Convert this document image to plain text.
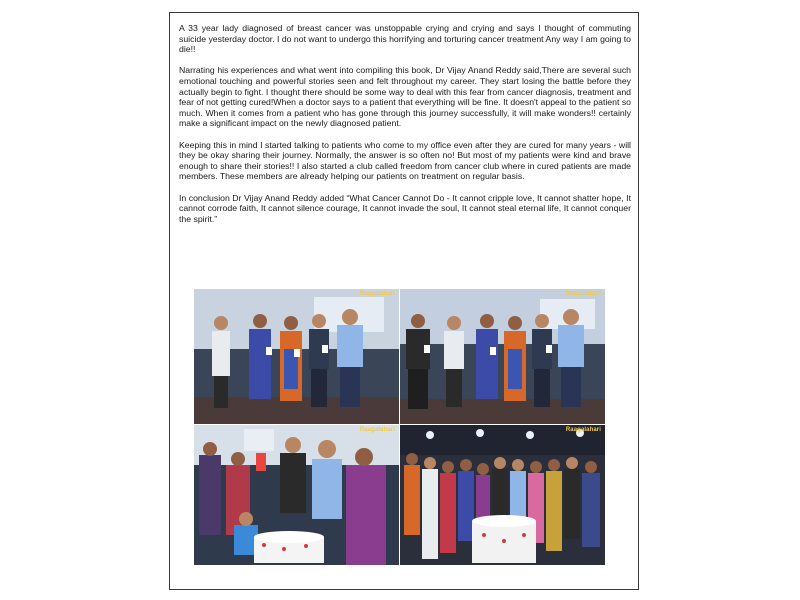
A 33 year lady diagnosed of breast cancer was unstoppable crying and crying and says I thought of commuting suicide yesterday doctor. I do not want to undergo this horrifying and torturing cancer treatment Any way I am going to die!!

Narrating his experiences and what went into compiling this book, Dr Vijay Anand Reddy said,There are several such emotional touching and powerful stories seen and felt throughout my career. They start losing the battle before they actually begin to fight. I thought there should be some way to deal with this fear from cancer diagnosis, treatment and fear of not getting cured!When a doctor says to a patient that everything will be fine. It doesn't appeal to the patient so much. When it comes from a patient who has gone through this journey successfully, it will make wonders!! certainly make a significant impact on the newly diagnosed patient.

Keeping this in mind I started talking to patients who come to my office even after they are cured for many years - will they be okay sharing their journey. Normally, the answer is so often no! But most of my patients were kind and brave enough to share their stories!! I also started a club called freedom from cancer club where in cured patients are made members. These members are already helping our patients on treatment on regular basis.

In conclusion Dr Vijay Anand Reddy added “What Cancer Cannot Do - It cannot cripple love, It cannot shatter hope, It cannot corrode faith, It cannot silence courage, It cannot invade the soul, It cannot steal eternal life, It cannot conquer the spirit.”

Raagalahari	Raagalahari
Raagalahari	Raagalahari
